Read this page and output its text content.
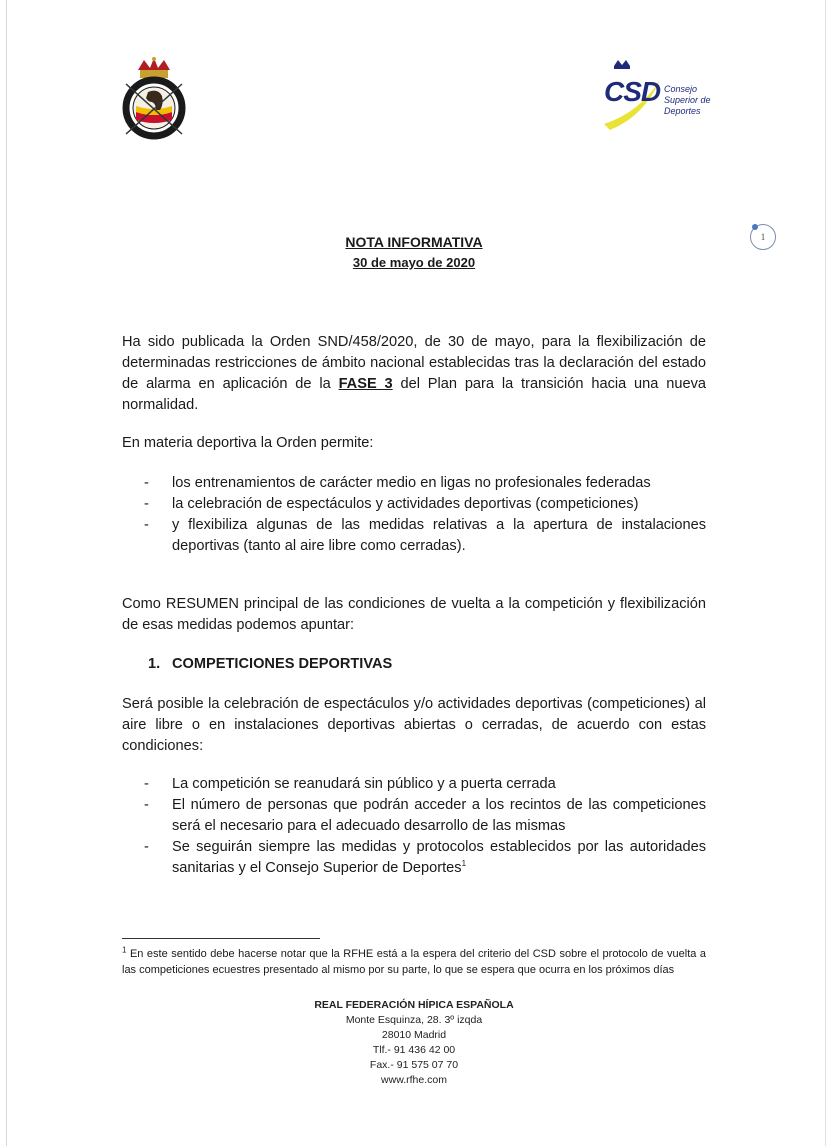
CSD Consejo
Superior de
Deportes
1
NOTA INFORMATIVA
30 de mayo de 2020
Ha sido publicada la Orden SND/458/2020, de 30 de mayo, para la flexibilización de determinadas restricciones de ámbito nacional establecidas tras la declaración del estado de alarma en aplicación de la FASE 3 del Plan para la transición hacia una nueva normalidad.
En materia deportiva la Orden permite:
- los entrenamientos de carácter medio en ligas no profesionales federadas
- la celebración de espectáculos y actividades deportivas (competiciones)
- y flexibiliza algunas de las medidas relativas a la apertura de instalaciones deportivas (tanto al aire libre como cerradas).
Como RESUMEN principal de las condiciones de vuelta a la competición y flexibilización de esas medidas podemos apuntar:
1. COMPETICIONES DEPORTIVAS
Será posible la celebración de espectáculos y/o actividades deportivas (competiciones) al aire libre o en instalaciones deportivas abiertas o cerradas, de acuerdo con estas condiciones:
- La competición se reanudará sin público y a puerta cerrada
- El número de personas que podrán acceder a los recintos de las competiciones será el necesario para el adecuado desarrollo de las mismas
- Se seguirán siempre las medidas y protocolos establecidos por las autoridades sanitarias y el Consejo Superior de Deportes$^1$
$^1$ En este sentido debe hacerse notar que la RFHE está a la espera del criterio del CSD sobre el protocolo de vuelta a las competiciones ecuestres presentado al mismo por su parte, lo que se espera que ocurra en los próximos días
REAL FEDERACIÓN HÍPICA ESPAÑOLA
Monte Esquinza, 28. 3º izqda
28010 Madrid
Tlf.- 91 436 42 00
Fax.- 91 575 07 70
www.rfhe.com
